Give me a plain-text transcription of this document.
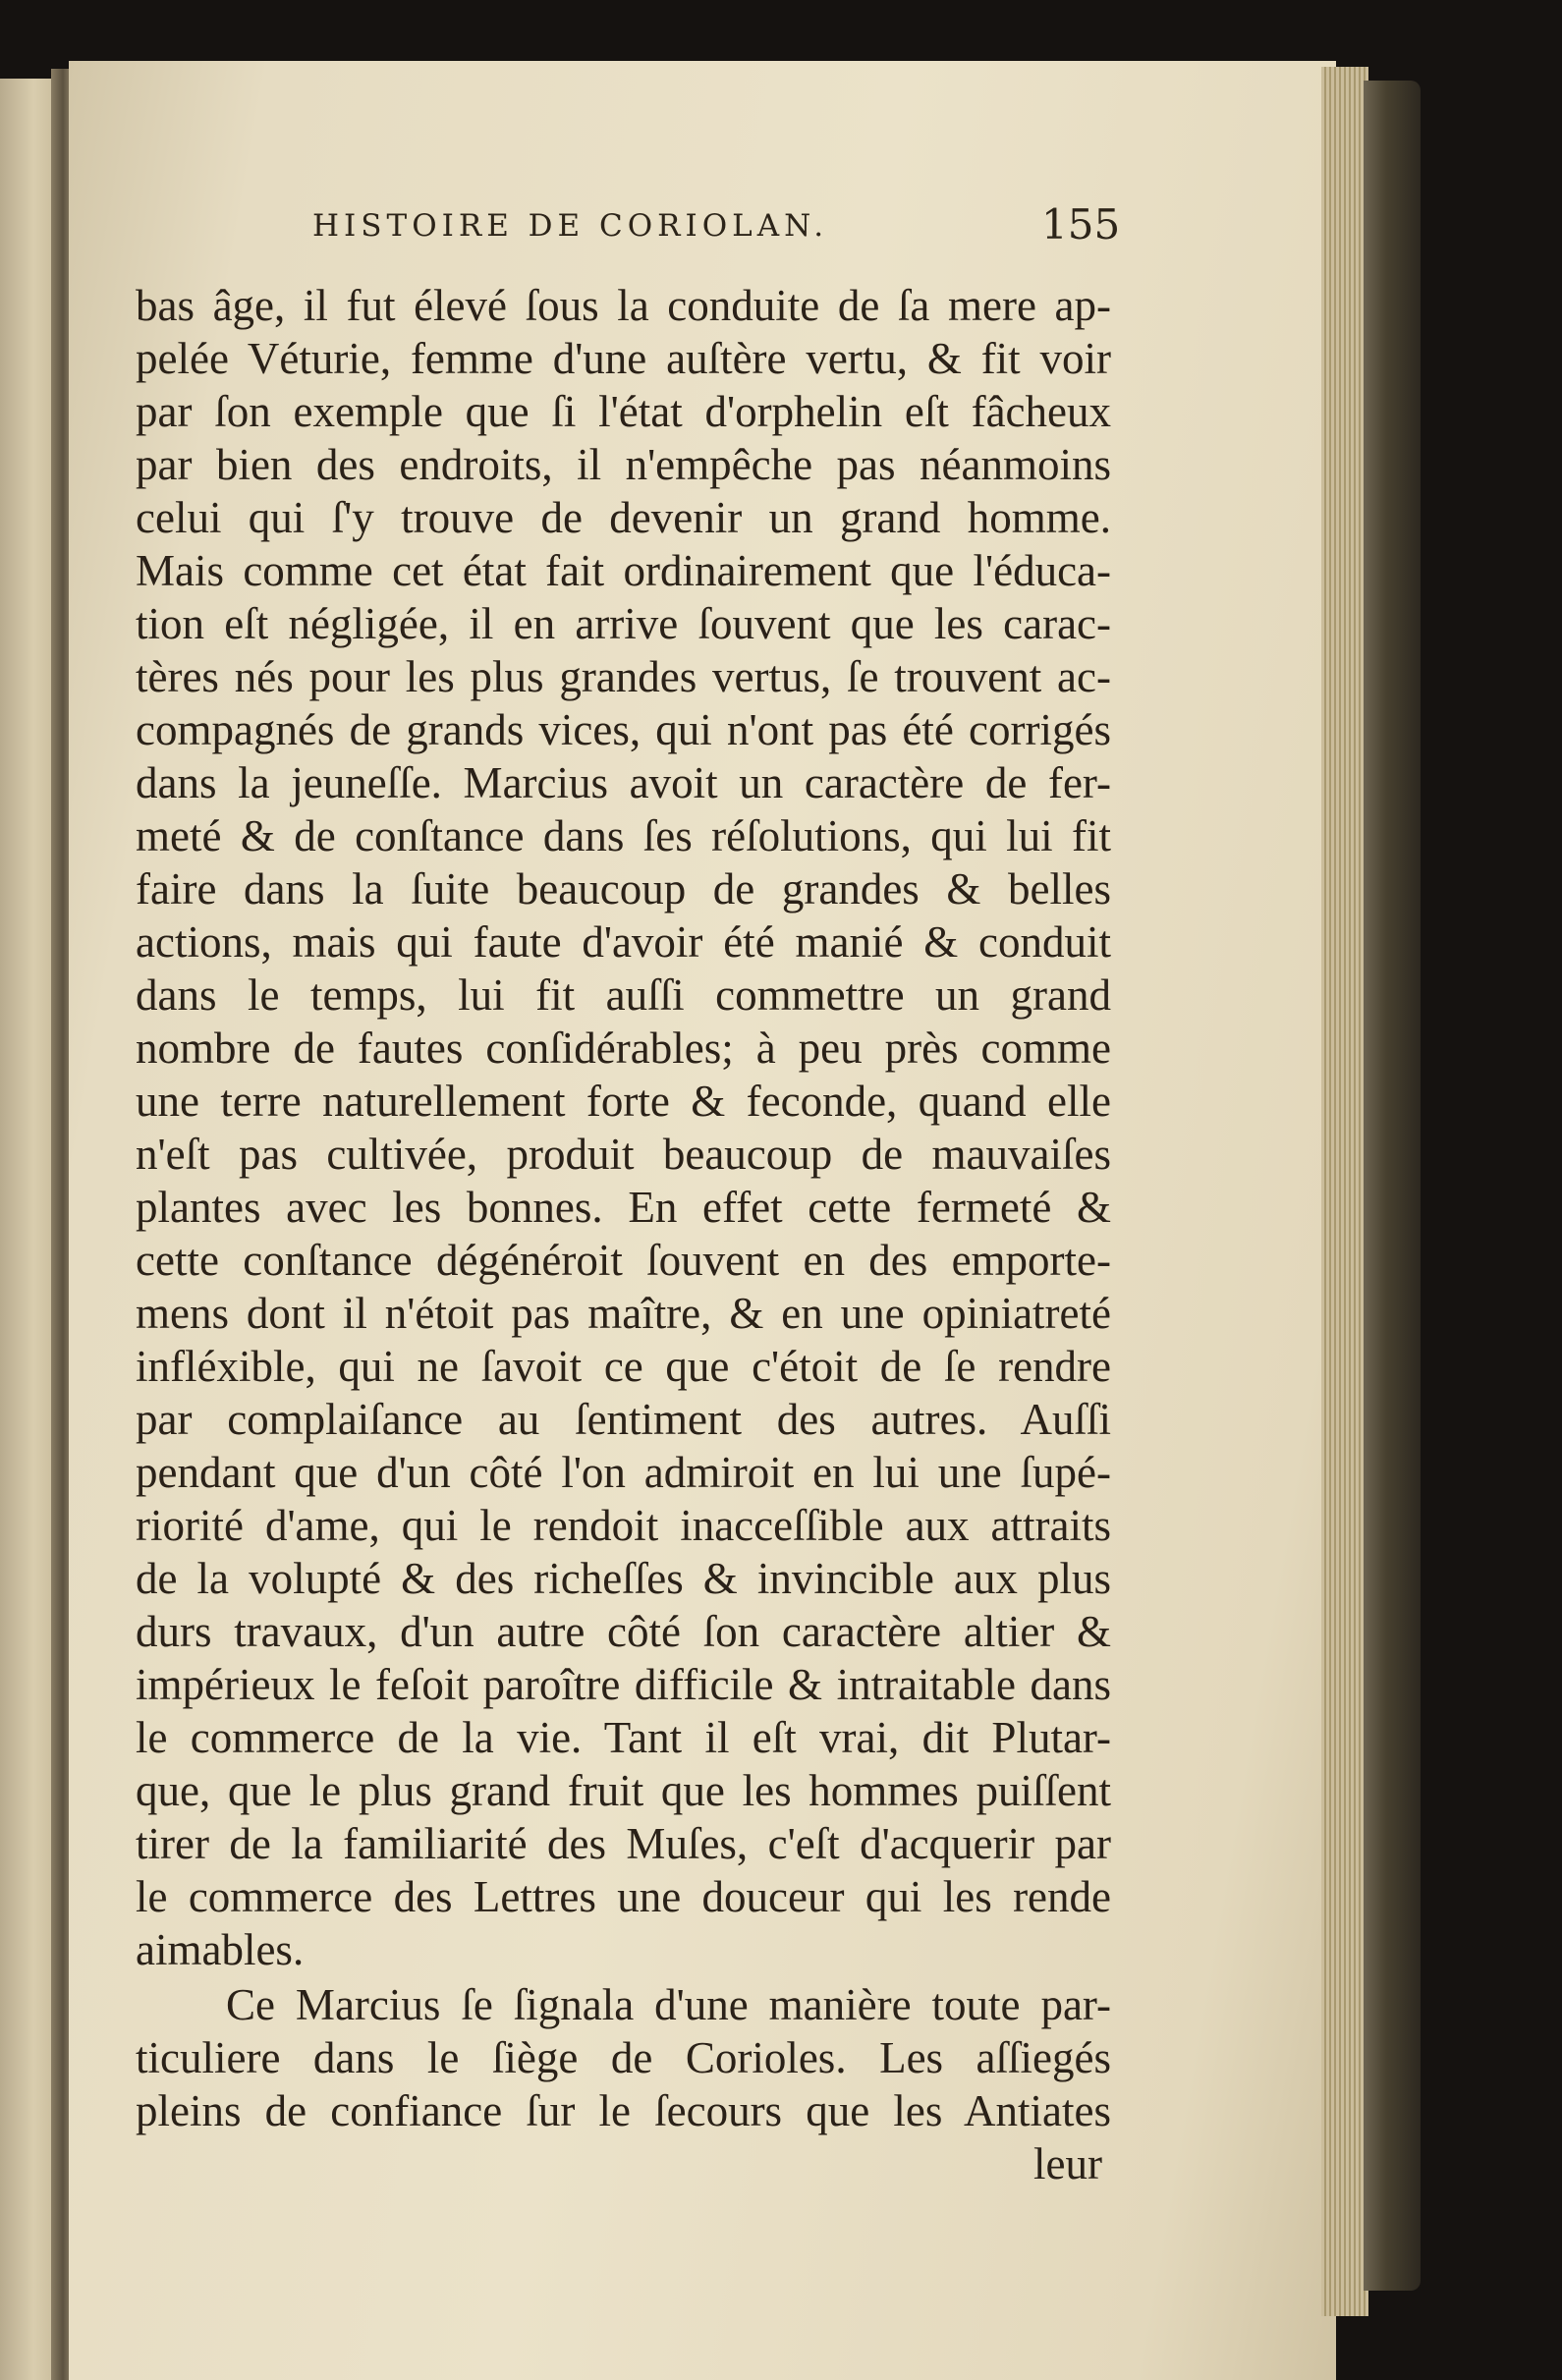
HISTOIRE DE CORIOLAN.	155
bas âge, il fut élevé ſous la conduite de ſa mere ap-
pelée Véturie, femme d'une auſtère vertu, & fit voir
par ſon exemple que ſi l'état d'orphelin eſt fâcheux
par bien des endroits, il n'empêche pas néanmoins
celui qui ſ'y trouve de devenir un grand homme.
Mais comme cet état fait ordinairement que l'éduca-
tion eſt négligée, il en arrive ſouvent que les carac-
tères nés pour les plus grandes vertus, ſe trouvent ac-
compagnés de grands vices, qui n'ont pas été corrigés
dans la jeuneſſe. Marcius avoit un caractère de fer-
meté & de conſtance dans ſes réſolutions, qui lui fit
faire dans la ſuite beaucoup de grandes & belles
actions, mais qui faute d'avoir été manié & conduit
dans le temps, lui fit auſſi commettre un grand
nombre de fautes conſidérables; à peu près comme
une terre naturellement forte & feconde, quand elle
n'eſt pas cultivée, produit beaucoup de mauvaiſes
plantes avec les bonnes. En effet cette fermeté &
cette conſtance dégénéroit ſouvent en des emporte-
mens dont il n'étoit pas maître, & en une opiniatreté
infléxible, qui ne ſavoit ce que c'étoit de ſe rendre
par complaiſance au ſentiment des autres. Auſſi
pendant que d'un côté l'on admiroit en lui une ſupé-
riorité d'ame, qui le rendoit inacceſſible aux attraits
de la volupté & des richeſſes & invincible aux plus
durs travaux, d'un autre côté ſon caractère altier &
impérieux le feſoit paroître difficile & intraitable dans
le commerce de la vie. Tant il eſt vrai, dit Plutar-
que, que le plus grand fruit que les hommes puiſſent
tirer de la familiarité des Muſes, c'eſt d'acquerir par
le commerce des Lettres une douceur qui les rende
aimables.
Ce Marcius ſe ſignala d'une manière toute par-
ticuliere dans le ſiège de Corioles. Les aſſiegés
pleins de confiance ſur le ſecours que les Antiates
leur
